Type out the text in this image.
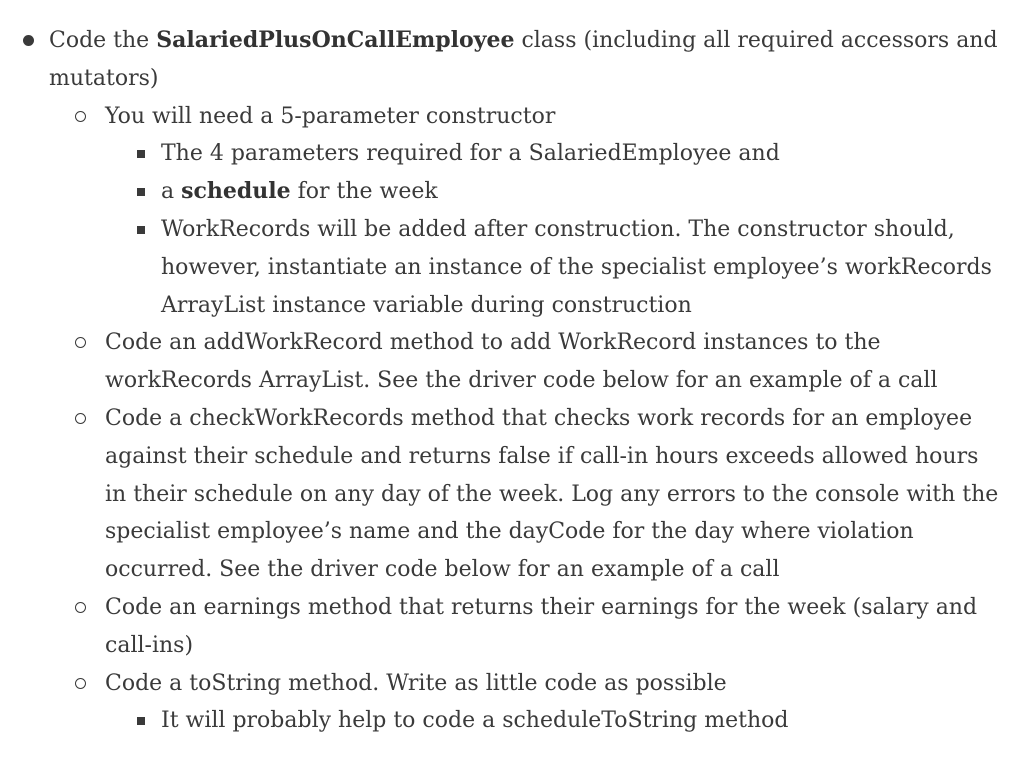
Code the SalariedPlusOnCallEmployee class (including all required accessors and mutators)
You will need a 5-parameter constructor
The 4 parameters required for a SalariedEmployee and
a schedule for the week
WorkRecords will be added after construction. The constructor should, however, instantiate an instance of the specialist employee’s workRecords ArrayList instance variable during construction
Code an addWorkRecord method to add WorkRecord instances to the workRecords ArrayList. See the driver code below for an example of a call
Code a checkWorkRecords method that checks work records for an employee against their schedule and returns false if call-in hours exceeds allowed hours in their schedule on any day of the week. Log any errors to the console with the specialist employee’s name and the dayCode for the day where violation occurred. See the driver code below for an example of a call
Code an earnings method that returns their earnings for the week (salary and call-ins)
Code a toString method. Write as little code as possible
It will probably help to code a scheduleToString method
